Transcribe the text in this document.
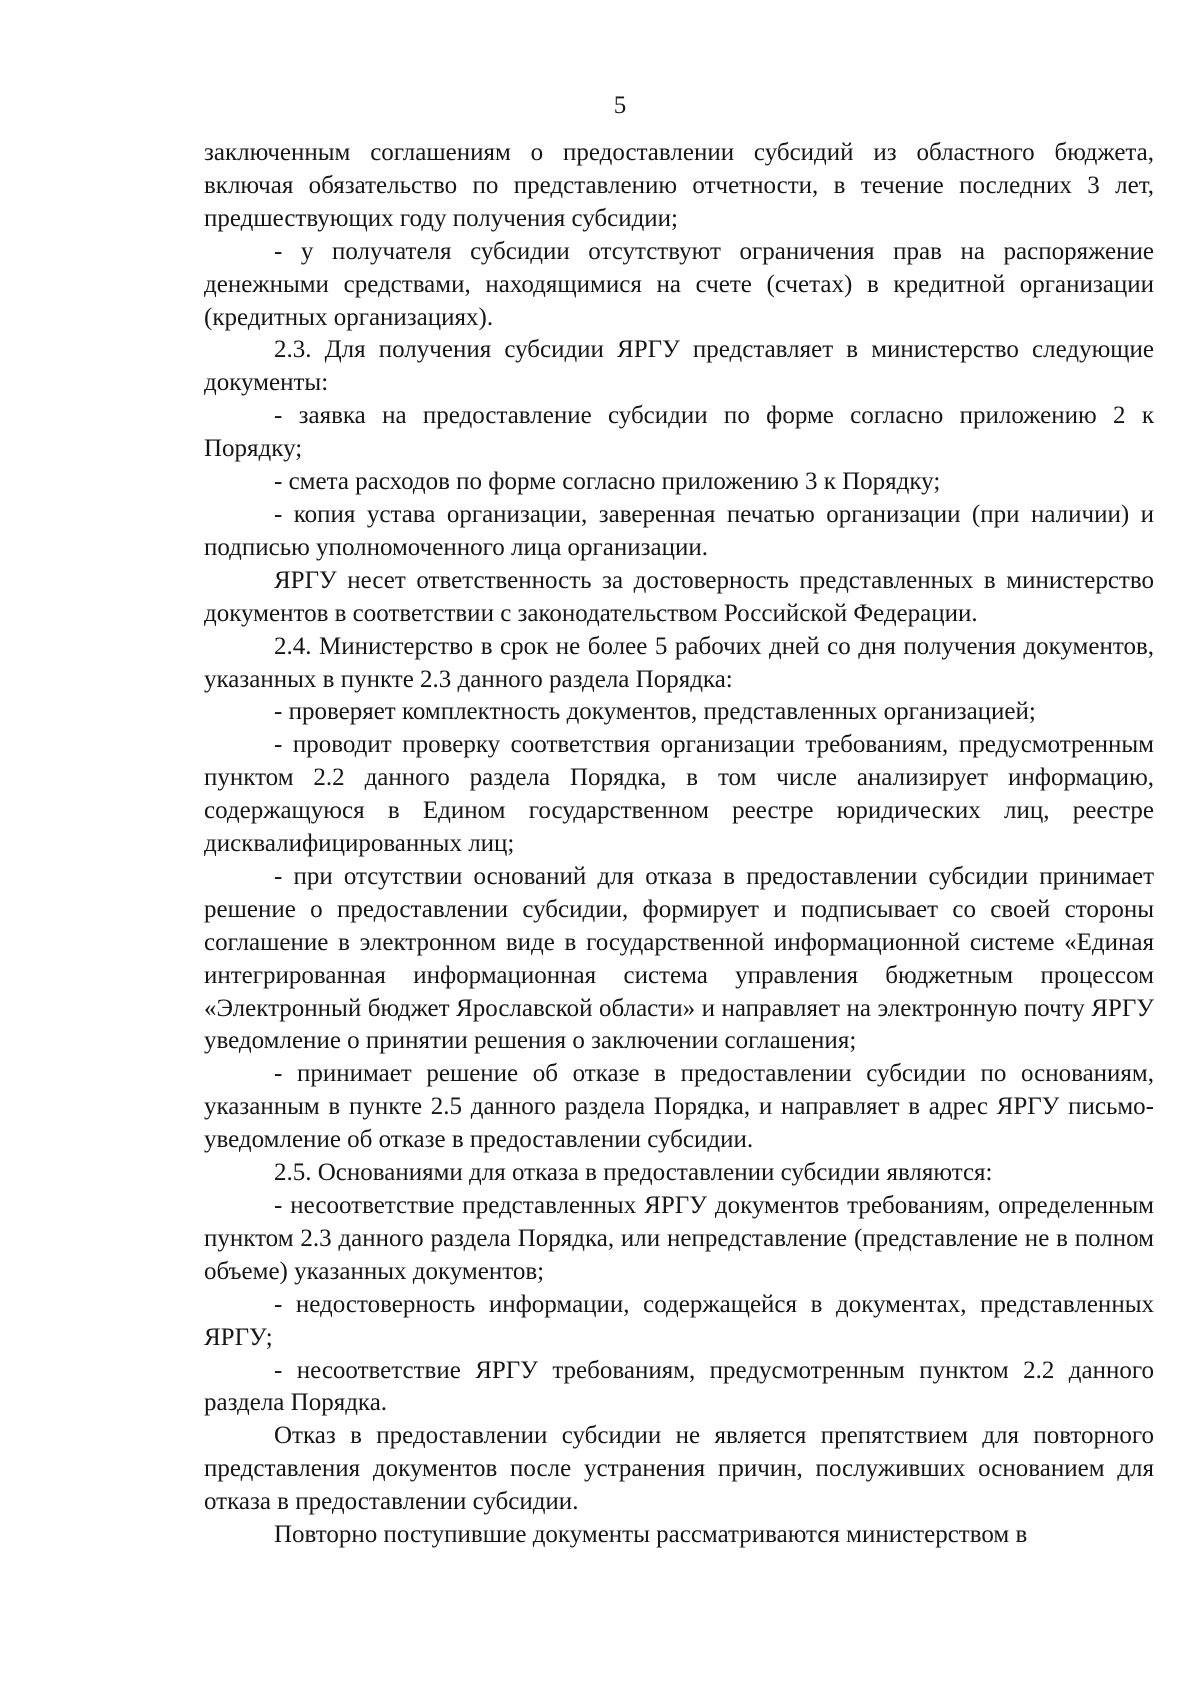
5

заключенным соглашениям о предоставлении субсидий из областного бюджета, включая обязательство по представлению отчетности, в течение последних 3 лет, предшествующих году получения субсидии;

- у получателя субсидии отсутствуют ограничения прав на распоряжение денежными средствами, находящимися на счете (счетах) в кредитной организации (кредитных организациях).

2.3. Для получения субсидии ЯРГУ представляет в министерство следующие документы:

- заявка на предоставление субсидии по форме согласно приложению 2 к Порядку;

- смета расходов по форме согласно приложению 3 к Порядку;

- копия устава организации, заверенная печатью организации (при наличии) и подписью уполномоченного лица организации.

ЯРГУ несет ответственность за достоверность представленных в министерство документов в соответствии с законодательством Российской Федерации.

2.4. Министерство в срок не более 5 рабочих дней со дня получения документов, указанных в пункте 2.3 данного раздела Порядка:

- проверяет комплектность документов, представленных организацией;

- проводит проверку соответствия организации требованиям, предусмотренным пунктом 2.2 данного раздела Порядка, в том числе анализирует информацию, содержащуюся в Едином государственном реестре юридических лиц, реестре дисквалифицированных лиц;

- при отсутствии оснований для отказа в предоставлении субсидии принимает решение о предоставлении субсидии, формирует и подписывает со своей стороны соглашение в электронном виде в государственной информационной системе «Единая интегрированная информационная система управления бюджетным процессом «Электронный бюджет Ярославской области» и направляет на электронную почту ЯРГУ уведомление о принятии решения о заключении соглашения;

- принимает решение об отказе в предоставлении субсидии по основаниям, указанным в пункте 2.5 данного раздела Порядка, и направляет в адрес ЯРГУ письмо-уведомление об отказе в предоставлении субсидии.

2.5. Основаниями для отказа в предоставлении субсидии являются:

- несоответствие представленных ЯРГУ документов требованиям, определенным пунктом 2.3 данного раздела Порядка, или непредставление (представление не в полном объеме) указанных документов;

- недостоверность информации, содержащейся в документах, представленных ЯРГУ;

- несоответствие ЯРГУ требованиям, предусмотренным пунктом 2.2 данного раздела Порядка.

Отказ в предоставлении субсидии не является препятствием для повторного представления документов после устранения причин, послуживших основанием для отказа в предоставлении субсидии.

Повторно поступившие документы рассматриваются министерством в
